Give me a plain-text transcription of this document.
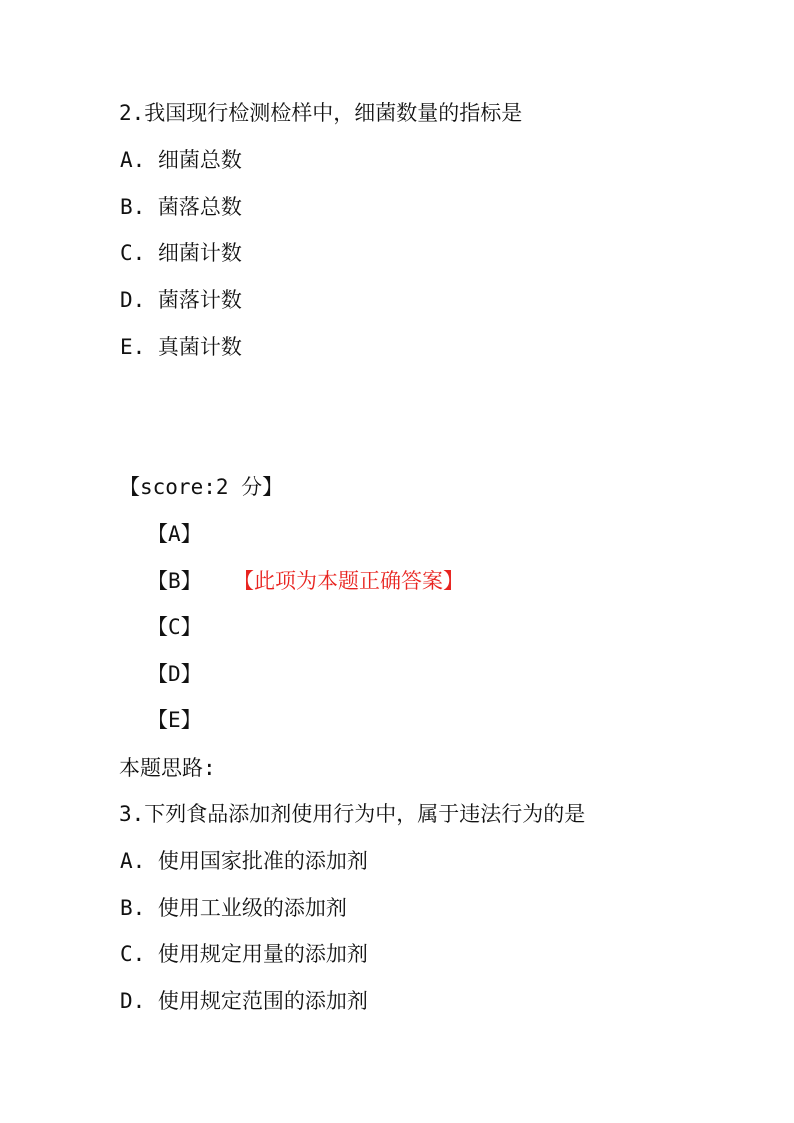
2.我国现行检测检样中，细菌数量的指标是
A. 细菌总数
B. 菌落总数
C. 细菌计数
D. 菌落计数
E. 真菌计数
【score:2 分】
【A】
【B】 【此项为本题正确答案】
【C】
【D】
【E】
本题思路:
3.下列食品添加剂使用行为中，属于违法行为的是
A. 使用国家批准的添加剂
B. 使用工业级的添加剂
C. 使用规定用量的添加剂
D. 使用规定范围的添加剂
